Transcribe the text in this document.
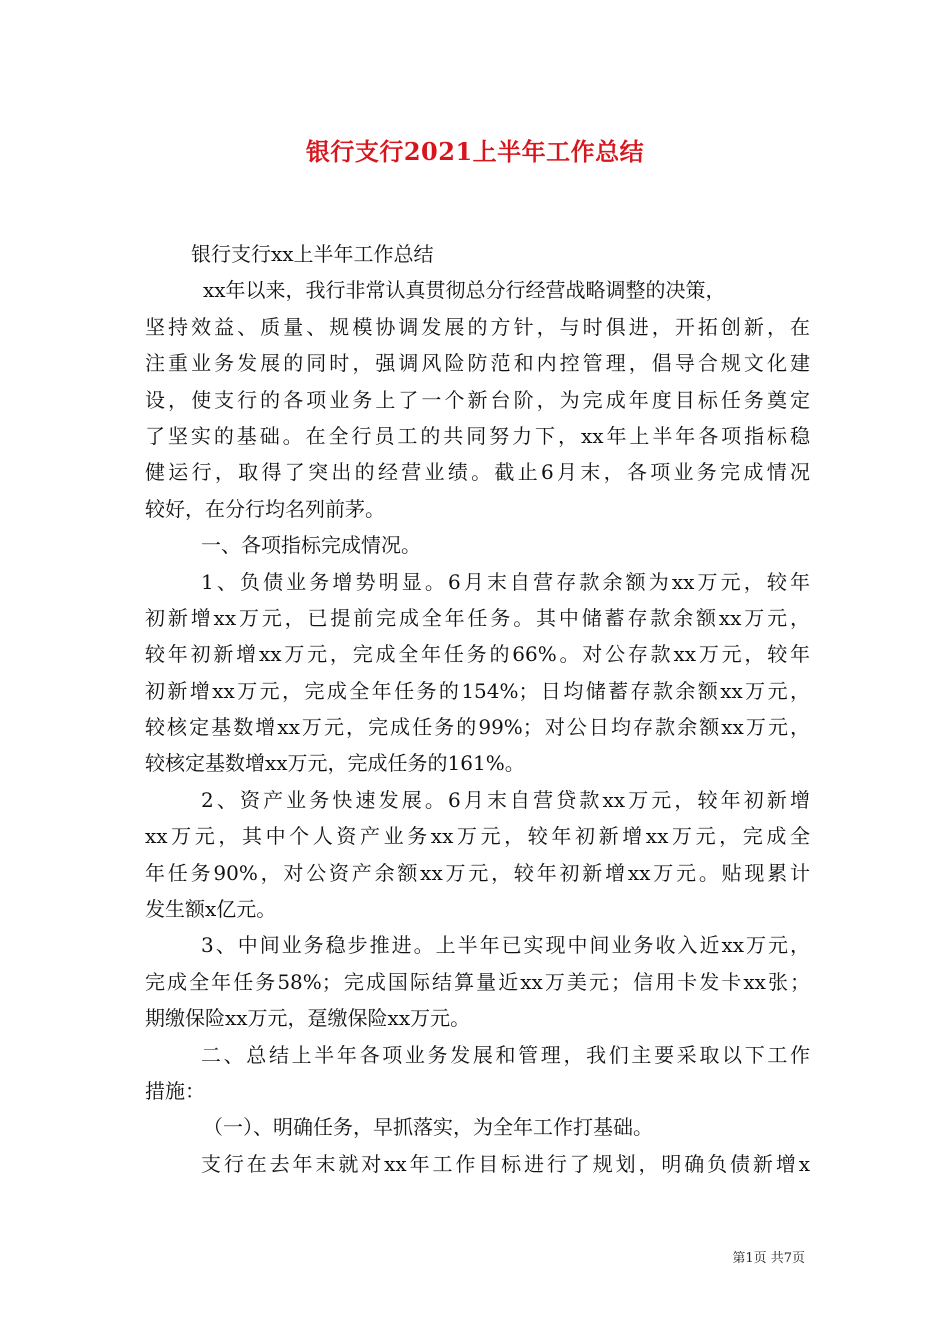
银行支行2021上半年工作总结
银行支行xx上半年工作总结
xx年以来，我行非常认真贯彻总分行经营战略调整的决策，
坚持效益、质量、规模协调发展的方针，与时俱进，开拓创新，在
注重业务发展的同时，强调风险防范和内控管理，倡导合规文化建
设，使支行的各项业务上了一个新台阶，为完成年度目标任务奠定
了坚实的基础。在全行员工的共同努力下，xx年上半年各项指标稳
健运行，取得了突出的经营业绩。截止6月末，各项业务完成情况
较好，在分行均名列前茅。
一、各项指标完成情况。
1、负债业务增势明显。6月末自营存款余额为xx万元，较年
初新增xx万元，已提前完成全年任务。其中储蓄存款余额xx万元，
较年初新增xx万元，完成全年任务的66%。对公存款xx万元，较年
初新增xx万元，完成全年任务的154%；日均储蓄存款余额xx万元，
较核定基数增xx万元，完成任务的99%；对公日均存款余额xx万元，
较核定基数增xx万元，完成任务的161%。
2、资产业务快速发展。6月末自营贷款xx万元，较年初新增
xx万元，其中个人资产业务xx万元，较年初新增xx万元，完成全
年任务90%，对公资产余额xx万元，较年初新增xx万元。贴现累计
发生额x亿元。
3、中间业务稳步推进。上半年已实现中间业务收入近xx万元，
完成全年任务58%；完成国际结算量近xx万美元；信用卡发卡xx张；
期缴保险xx万元，趸缴保险xx万元。
二、总结上半年各项业务发展和管理，我们主要采取以下工作
措施：
（一）、明确任务，早抓落实，为全年工作打基础。
支行在去年末就对xx年工作目标进行了规划，明确负债新增x
第1页 共7页
